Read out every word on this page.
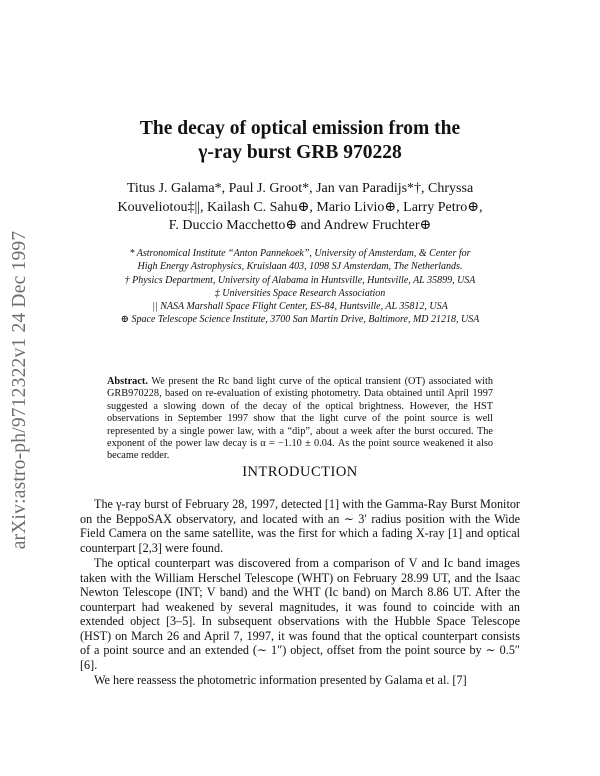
arXiv:astro-ph/9712322v1 24 Dec 1997
The decay of optical emission from the
γ-ray burst GRB 970228
Titus J. Galama*, Paul J. Groot*, Jan van Paradijs*†, Chryssa
Kouveliotou‡||, Kailash C. Sahu⊕, Mario Livio⊕, Larry Petro⊕,
F. Duccio Macchetto⊕ and Andrew Fruchter⊕
* Astronomical Institute “Anton Pannekoek”, University of Amsterdam, & Center for
High Energy Astrophysics, Kruislaan 403, 1098 SJ Amsterdam, The Netherlands.
† Physics Department, University of Alabama in Huntsville, Huntsville, AL 35899, USA
‡ Universities Space Research Association
|| NASA Marshall Space Flight Center, ES-84, Huntsville, AL 35812, USA
⊕ Space Telescope Science Institute, 3700 San Martin Drive, Baltimore, MD 21218, USA
Abstract. We present the Rc band light curve of the optical transient (OT) associated with GRB970228, based on re-evaluation of existing photometry. Data obtained until April 1997 suggested a slowing down of the decay of the optical brightness. However, the HST observations in September 1997 show that the light curve of the point source is well represented by a single power law, with a “dip”, about a week after the burst occured. The exponent of the power law decay is α = −1.10 ± 0.04. As the point source weakened it also became redder.
INTRODUCTION

The γ-ray burst of February 28, 1997, detected [1] with the Gamma-Ray Burst Monitor on the BeppoSAX observatory, and located with an ∼ 3′ radius position with the Wide Field Camera on the same satellite, was the first for which a fading X-ray [1] and optical counterpart [2,3] were found.

The optical counterpart was discovered from a comparison of V and Ic band images taken with the William Herschel Telescope (WHT) on February 28.99 UT, and the Isaac Newton Telescope (INT; V band) and the WHT (Ic band) on March 8.86 UT. After the counterpart had weakened by several magnitudes, it was found to coincide with an extended object [3–5]. In subsequent observations with the Hubble Space Telescope (HST) on March 26 and April 7, 1997, it was found that the optical counterpart consists of a point source and an extended (∼ 1″) object, offset from the point source by ∼ 0.5″ [6].

We here reassess the photometric information presented by Galama et al. [7]
